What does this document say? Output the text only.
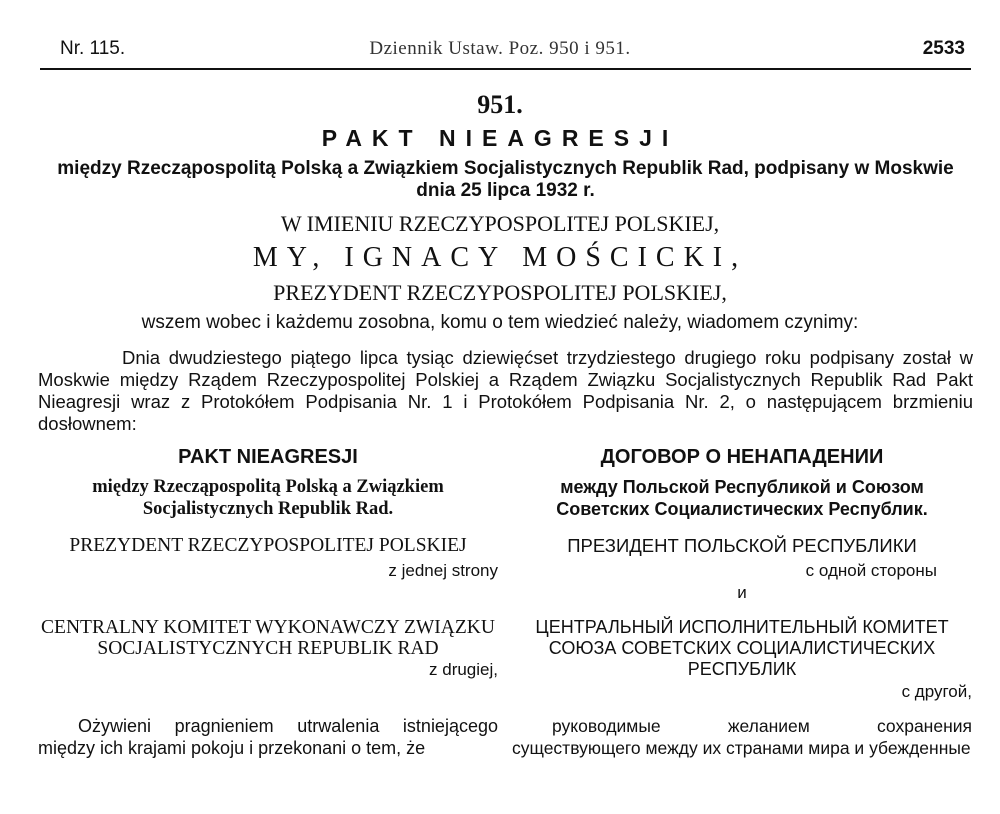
Dziennik Ustaw. Poz. 950 i 951.
Nr. 115.	2533
951.
PAKT NIEAGRESJI
między Rzecząpospolitą Polską a Związkiem Socjalistycznych Republik Rad, podpisany w Moskwie dnia 25 lipca 1932 r.
W IMIENIU RZECZYPOSPOLITEJ POLSKIEJ,
MY, IGNACY MOŚCICKI,
PREZYDENT RZECZYPOSPOLITEJ POLSKIEJ,
wszem wobec i każdemu zosobna, komu o tem wiedzieć należy, wiadomem czynimy:
Dnia dwudziestego piątego lipca tysiąc dziewięćset trzydziestego drugiego roku podpisany został w Moskwie między Rządem Rzeczypospolitej Polskiej a Rządem Związku Socjalistycznych Republik Rad Pakt Nieagresji wraz z Protokółem Podpisania Nr. 1 i Protokółem Podpisania Nr. 2, o następującem brzmieniu dosłownem:
PAKT NIEAGRESJI
między Rzecząpospolitą Polską a Związkiem Socjalistycznych Republik Rad.
PREZYDENT RZECZYPOSPOLITEJ POLSKIEJ
z jednej strony
CENTRALNY KOMITET WYKONAWCZY ZWIĄZKU SOCJALISTYCZNYCH REPUBLIK RAD
z drugiej,
Ożywieni pragnieniem utrwalenia istniejącego między ich krajami pokoju i przekonani o tem, że
ДОГОВОР О НЕНАПАДЕНИИ
между Польской Республикой и Союзом Советских Социалистических Республик.
ПРЕЗИДЕНТ ПОЛЬСКОЙ РЕСПУБЛИКИ
с одной стороны
и
ЦЕНТРАЛЬНЫЙ ИСПОЛНИТЕЛЬНЫЙ КОМИТЕТ СОЮЗА СОВЕТСКИХ СОЦИАЛИСТИЧЕСКИХ РЕСПУБЛИК
с другой,
руководимые желанием сохранения существующего между их странами мира и убежденные
